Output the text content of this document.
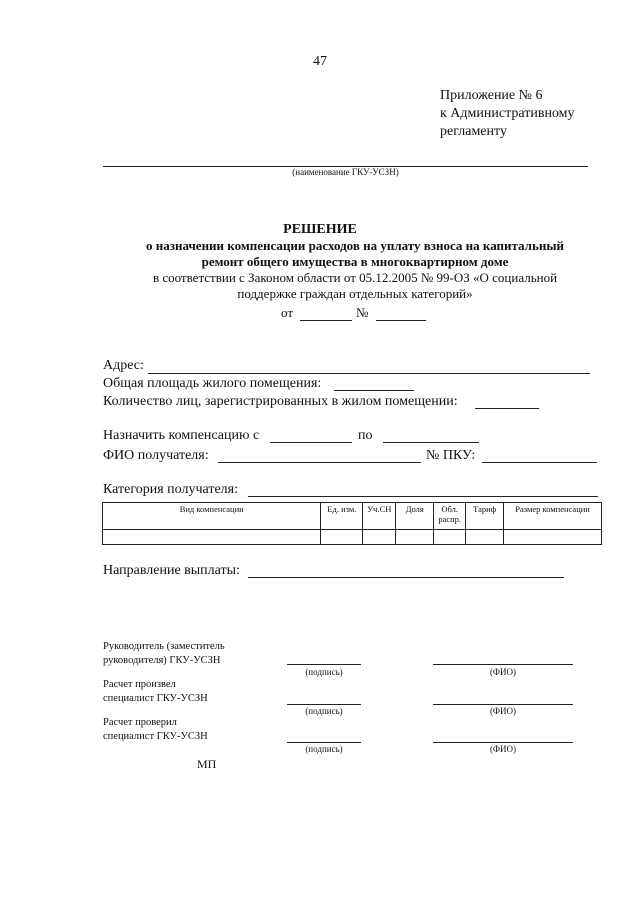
47
Приложение № 6
к Административному
регламенту
(наименование ГКУ-УСЗН)
РЕШЕНИЕ
о назначении компенсации расходов на уплату взноса на капитальный
ремонт общего имущества в многоквартирном доме
в соответствии с Законом области от 05.12.2005 № 99-ОЗ «О социальной
поддержке граждан отдельных категорий»
от	№
Адрес:
Общая площадь жилого помещения:
Количество лиц, зарегистрированных в жилом помещении:
Назначить компенсацию с	по
ФИО получателя:	№ ПКУ:
Категория получателя:
Вид компенсации	Ед. изм.	Уч.СН	Доля	Обл. распр.	Тариф	Размер компенсации

Направление выплаты:
Руководитель (заместитель
руководителя) ГКУ-УСЗН
(подпись)	(ФИО)
Расчет произвел
специалист ГКУ-УСЗН
(подпись)	(ФИО)
Расчет проверил
специалист ГКУ-УСЗН
(подпись)	(ФИО)
МП
